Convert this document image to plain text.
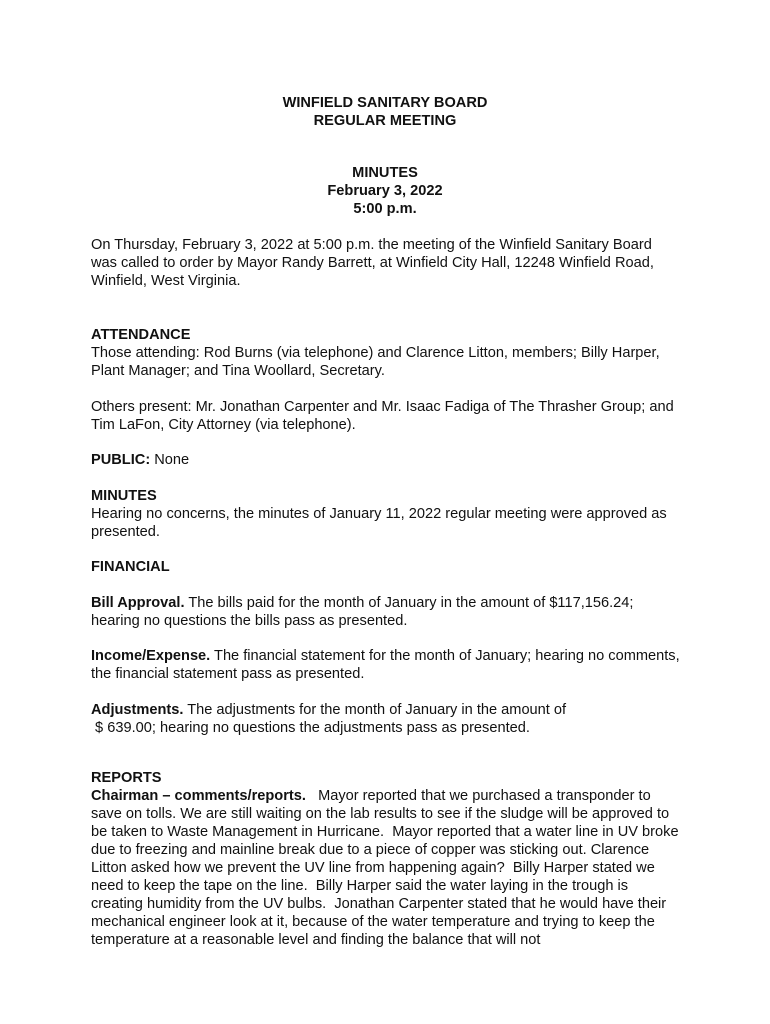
WINFIELD SANITARY BOARD
REGULAR MEETING
MINUTES
February 3, 2022
5:00 p.m.

On Thursday, February 3, 2022 at 5:00 p.m. the meeting of the Winfield Sanitary Board was called to order by Mayor Randy Barrett, at Winfield City Hall, 12248 Winfield Road, Winfield, West Virginia.

ATTENDANCE

Those attending: Rod Burns (via telephone) and Clarence Litton, members; Billy Harper, Plant Manager; and Tina Woollard, Secretary.

Others present: Mr. Jonathan Carpenter and Mr. Isaac Fadiga of The Thrasher Group; and Tim LaFon, City Attorney (via telephone).

PUBLIC: None

MINUTES

Hearing no concerns, the minutes of January 11, 2022 regular meeting were approved as presented.

FINANCIAL

Bill Approval. The bills paid for the month of January in the amount of $117,156.24; hearing no questions the bills pass as presented.

Income/Expense. The financial statement for the month of January; hearing no comments, the financial statement pass as presented.

Adjustments. The adjustments for the month of January in the amount of
$ 639.00; hearing no questions the adjustments pass as presented.
REPORTS

Chairman – comments/reports.   Mayor reported that we purchased a transponder to save on tolls. We are still waiting on the lab results to see if the sludge will be approved to be taken to Waste Management in Hurricane.  Mayor reported that a water line in UV broke due to freezing and mainline break due to a piece of copper was sticking out. Clarence Litton asked how we prevent the UV line from happening again?  Billy Harper stated we need to keep the tape on the line.  Billy Harper said the water laying in the trough is creating humidity from the UV bulbs.  Jonathan Carpenter stated that he would have their mechanical engineer look at it, because of the water temperature and trying to keep the temperature at a reasonable level and finding the balance that will not
